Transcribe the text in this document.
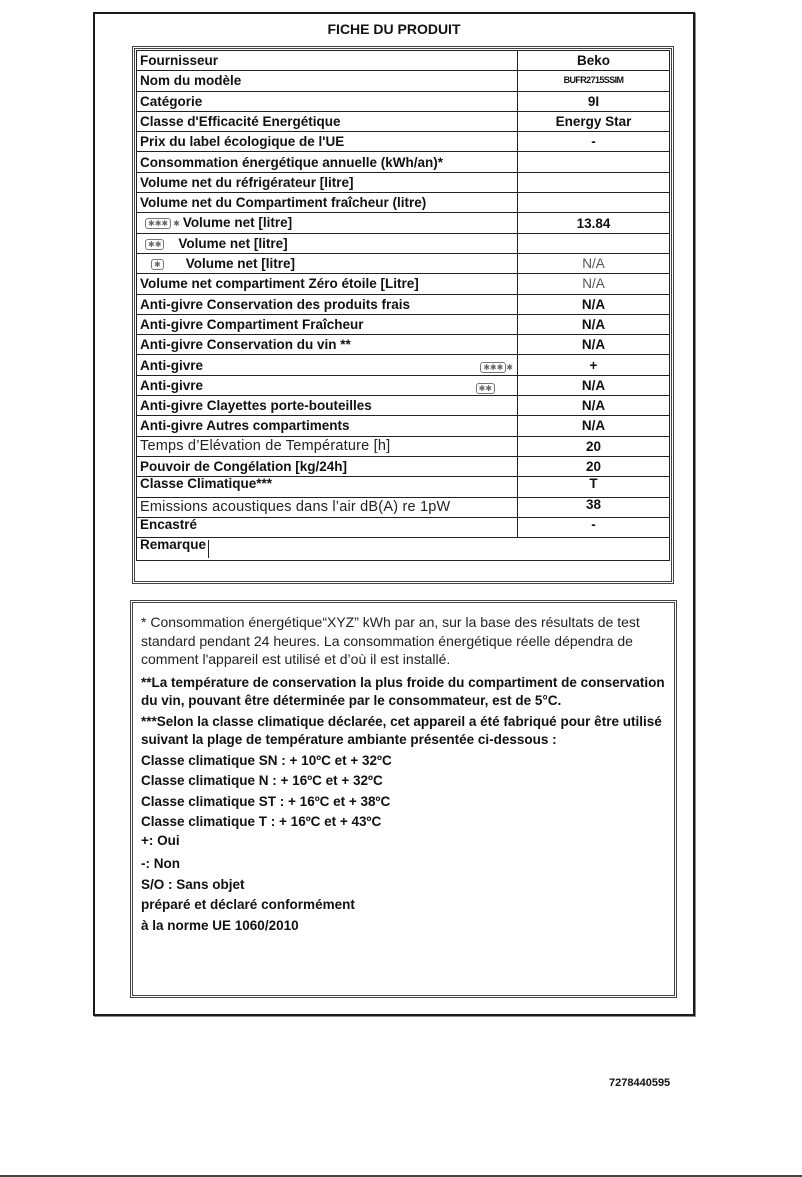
FICHE DU PRODUIT
Fournisseur	Beko
Nom du modèle	BUFR2715SSIM
Catégorie	9I
Classe d'Efficacité Energétique	Energy Star
Prix du label écologique de l'UE	-
Consommation énergétique annuelle (kWh/an)*	
Volume net du réfrigérateur [litre]	
Volume net du Compartiment fraîcheur (litre)	
✱✱✱ ✱ Volume net [litre]	13.84
✱✱ Volume net [litre]	
✱ Volume net [litre]	N/A
Volume net compartiment Zéro étoile [Litre]	N/A
Anti-givre Conservation des produits frais	N/A
Anti-givre Compartiment Fraîcheur	N/A
Anti-givre Conservation du vin **	N/A
Anti-givre ✱✱✱ ✱	+
Anti-givre ✱✱	N/A
Anti-givre Clayettes porte-bouteilles	N/A
Anti-givre Autres compartiments	N/A
Temps d’Elévation de Température [h]	20
Pouvoir de Congélation [kg/24h]	20
Classe Climatique***	T
Emissions acoustiques dans l’air dB(A) re 1pW	38
Encastré	-
Remarque	

* Consommation énergétique“XYZ” kWh par an, sur la base des résultats de test standard pendant 24 heures. La consommation énergétique réelle dépendra de comment l'appareil est utilisé et d’où il est installé.

**La température de conservation la plus froide du compartiment de conservation du vin, pouvant être déterminée par le consommateur, est de 5°C.

***Selon la classe climatique déclarée, cet appareil a été fabriqué pour être utilisé suivant la plage de température ambiante présentée ci-dessous :

Classe climatique SN : + 10ºC et + 32ºC

Classe climatique N : + 16ºC et + 32ºC

Classe climatique ST : + 16ºC et + 38ºC

Classe climatique T : + 16ºC et + 43ºC

+: Oui

-: Non

S/O : Sans objet

préparé et déclaré conformément

à la norme UE 1060/2010

7278440595
